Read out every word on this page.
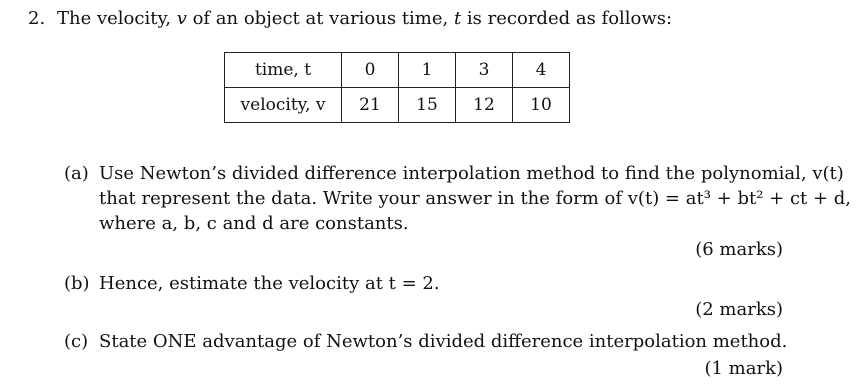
2. The velocity, v of an object at various time, t is recorded as follows:
time, t	0	1	3	4
velocity, v	21	15	12	10
(a) Use Newton’s divided difference interpolation method to find the polynomial, v(t)
that represent the data. Write your answer in the form of v(t) = at³ + bt² + ct + d,
where a, b, c and d are constants.
(6 marks)
(b) Hence, estimate the velocity at t = 2.
(2 marks)
(c) State ONE advantage of Newton’s divided difference interpolation method.
(1 mark)
